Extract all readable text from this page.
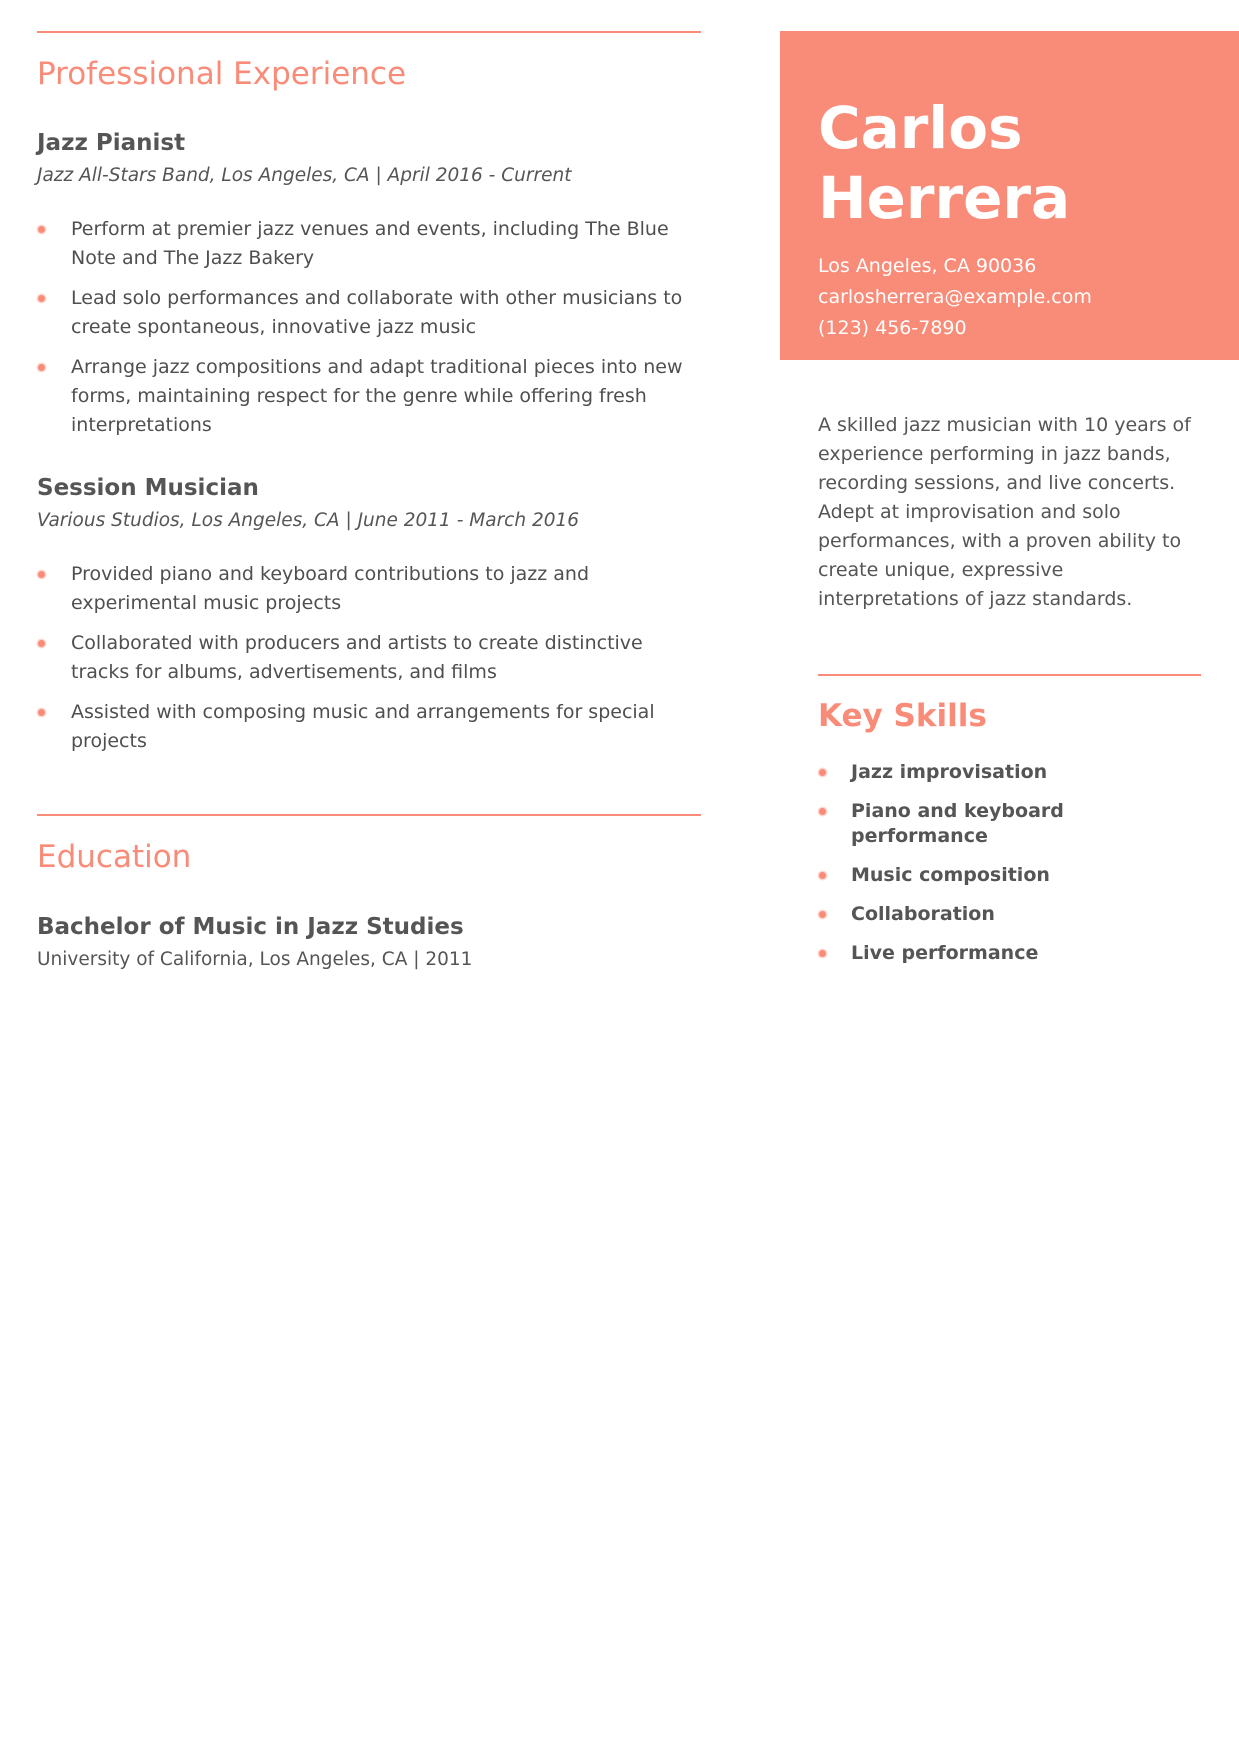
Professional Experience
Jazz Pianist
Jazz All-Stars Band, Los Angeles, CA | April 2016 - Current
Perform at premier jazz venues and events, including The Blue Note and The Jazz Bakery
Lead solo performances and collaborate with other musicians to create spontaneous, innovative jazz music
Arrange jazz compositions and adapt traditional pieces into new forms, maintaining respect for the genre while offering fresh interpretations
Session Musician
Various Studios, Los Angeles, CA | June 2011 - March 2016
Provided piano and keyboard contributions to jazz and experimental music projects
Collaborated with producers and artists to create distinctive tracks for albums, advertisements, and films
Assisted with composing music and arrangements for special projects
Education
Bachelor of Music in Jazz Studies
University of California, Los Angeles, CA | 2011
Carlos
Herrera
Los Angeles, CA 90036
carlosherrera@example.com
(123) 456-7890

A skilled jazz musician with 10 years of experience performing in jazz bands, recording sessions, and live concerts. Adept at improvisation and solo performances, with a proven ability to create unique, expressive interpretations of jazz standards.

Key Skills
Jazz improvisation
Piano and keyboard performance
Music composition
Collaboration
Live performance
